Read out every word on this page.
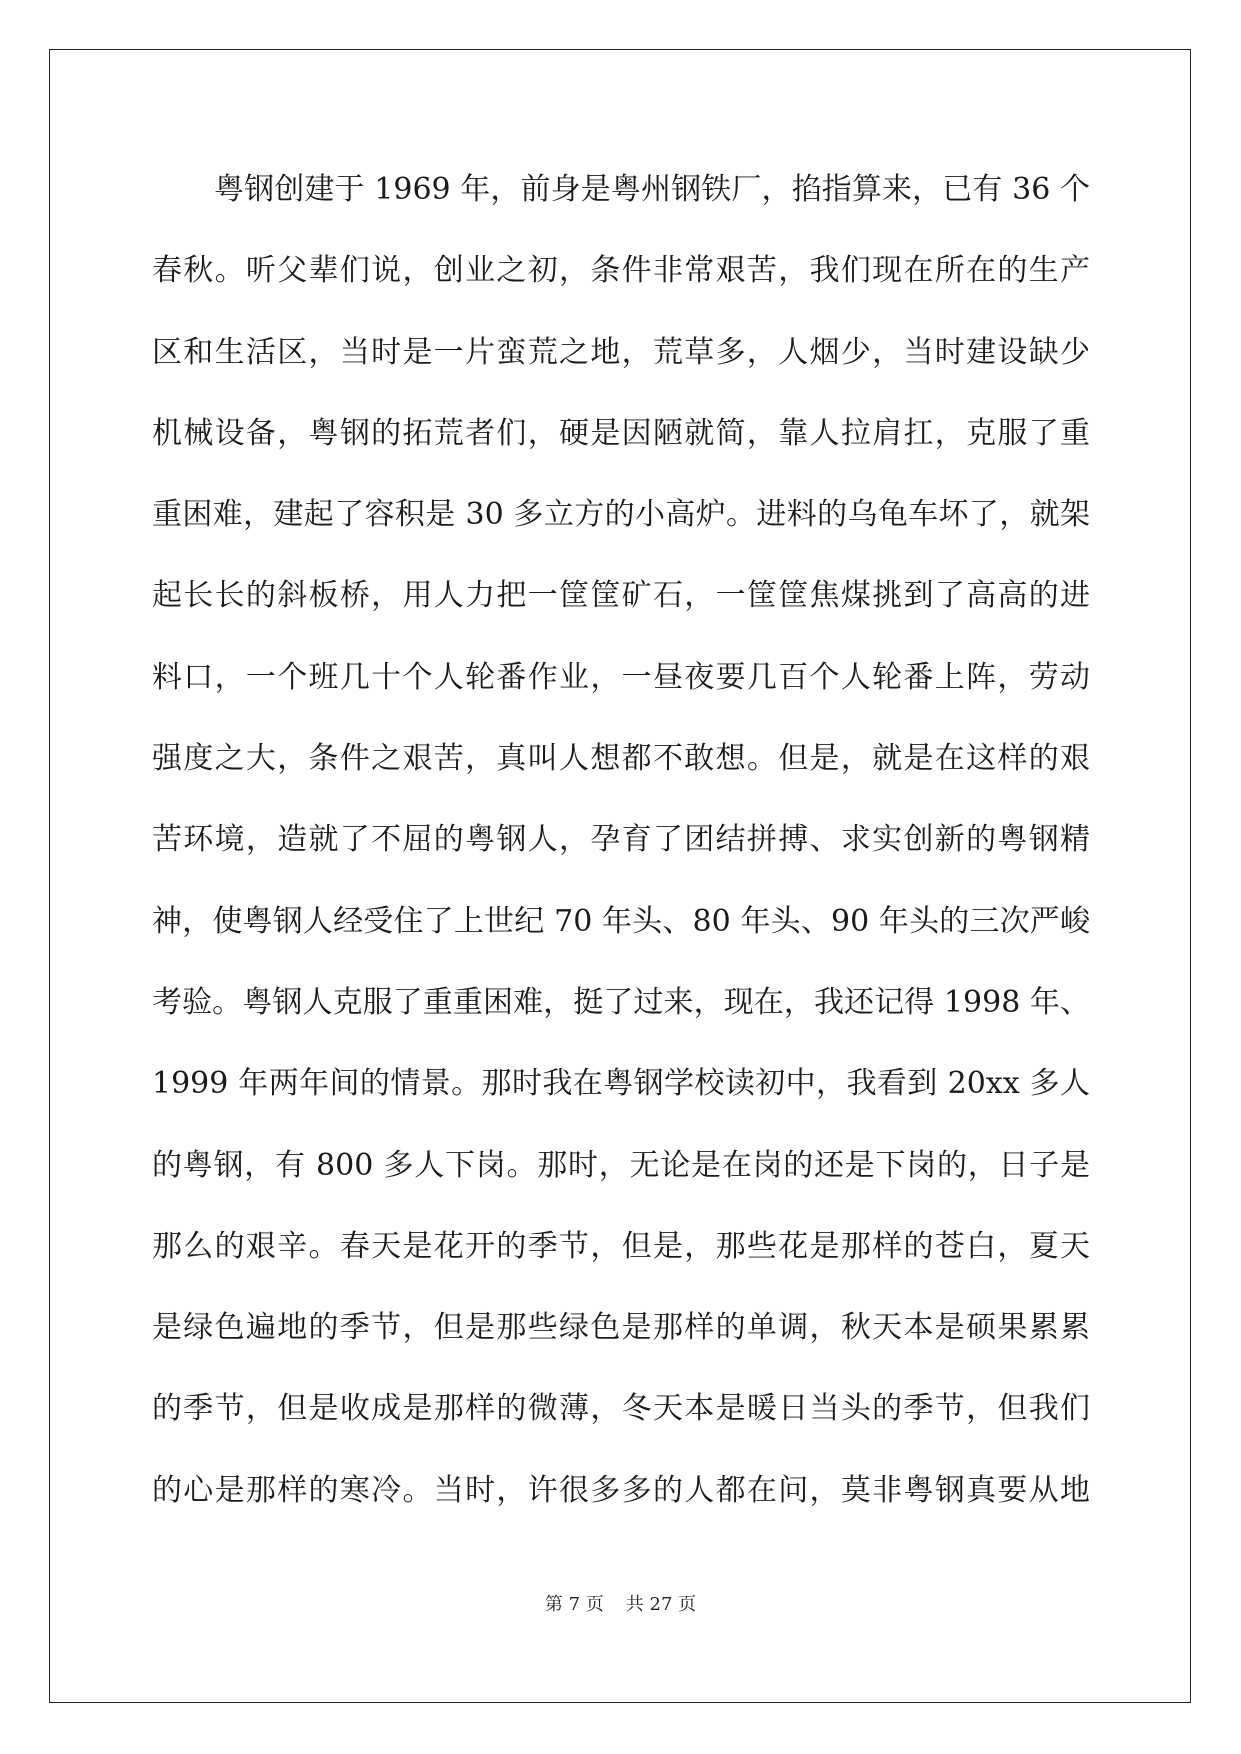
粤钢创建于 1969 年，前身是粤州钢铁厂，掐指算来，已有 36 个
春秋。听父辈们说，创业之初，条件非常艰苦，我们现在所在的生产
区和生活区，当时是一片蛮荒之地，荒草多，人烟少，当时建设缺少
机械设备，粤钢的拓荒者们，硬是因陋就简，靠人拉肩扛，克服了重
重困难，建起了容积是 30 多立方的小高炉。进料的乌龟车坏了，就架
起长长的斜板桥，用人力把一筐筐矿石，一筐筐焦煤挑到了高高的进
料口，一个班几十个人轮番作业，一昼夜要几百个人轮番上阵，劳动
强度之大，条件之艰苦，真叫人想都不敢想。但是，就是在这样的艰
苦环境，造就了不屈的粤钢人，孕育了团结拼搏、求实创新的粤钢精
神，使粤钢人经受住了上世纪 70 年头、80 年头、90 年头的三次严峻
考验。粤钢人克服了重重困难，挺了过来，现在，我还记得 1998 年、
1999 年两年间的情景。那时我在粤钢学校读初中，我看到 20xx 多人
的粤钢，有 800 多人下岗。那时，无论是在岗的还是下岗的，日子是
那么的艰辛。春天是花开的季节，但是，那些花是那样的苍白，夏天
是绿色遍地的季节，但是那些绿色是那样的单调，秋天本是硕果累累
的季节，但是收成是那样的微薄，冬天本是暖日当头的季节，但我们
的心是那样的寒冷。当时，许很多多的人都在问，莫非粤钢真要从地
第 7 页 共 27 页
